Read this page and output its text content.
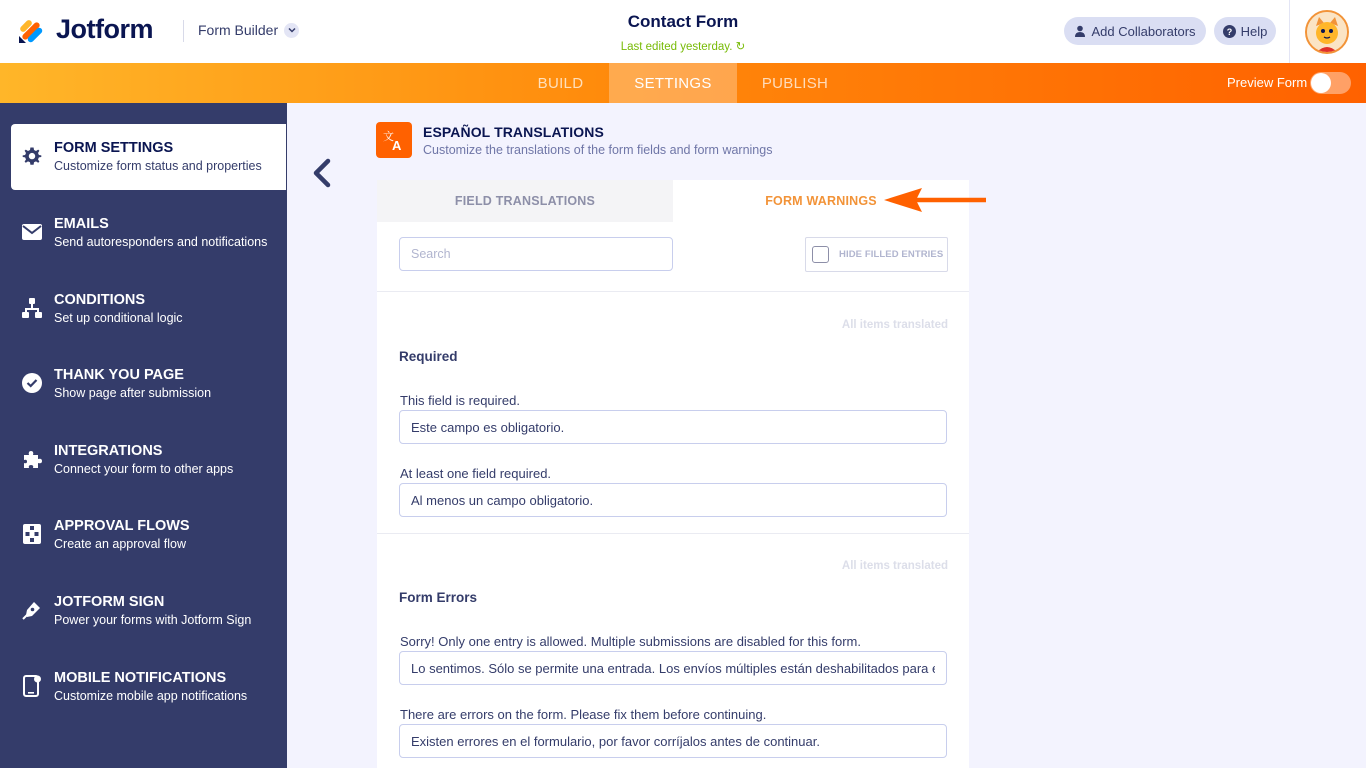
Jotform	Form Builder	Contact Form
Last edited yesterday. ↻
Add Collaborators	? Help
BUILD	SETTINGS	PUBLISH	Preview Form
FORM SETTINGS
Customize form status and properties
EMAILS
Send autoresponders and notifications
CONDITIONS
Set up conditional logic
THANK YOU PAGE
Show page after submission
INTEGRATIONS
Connect your form to other apps
APPROVAL FLOWS
Create an approval flow
JOTFORM SIGN
Power your forms with Jotform Sign
MOBILE NOTIFICATIONS
Customize mobile app notifications
文
A
ESPAÑOL TRANSLATIONS
Customize the translations of the form fields and form warnings
FIELD TRANSLATIONS	FORM WARNINGS
Search
HIDE FILLED ENTRIES
All items translated
Required
This field is required.
Este campo es obligatorio.
At least one field required.
Al menos un campo obligatorio.
All items translated
Form Errors
Sorry! Only one entry is allowed. Multiple submissions are disabled for this form.
Lo sentimos. Sólo se permite una entrada. Los envíos múltiples están deshabilitados para este formulario.
There are errors on the form. Please fix them before continuing.
Existen errores en el formulario, por favor corríjalos antes de continuar.
